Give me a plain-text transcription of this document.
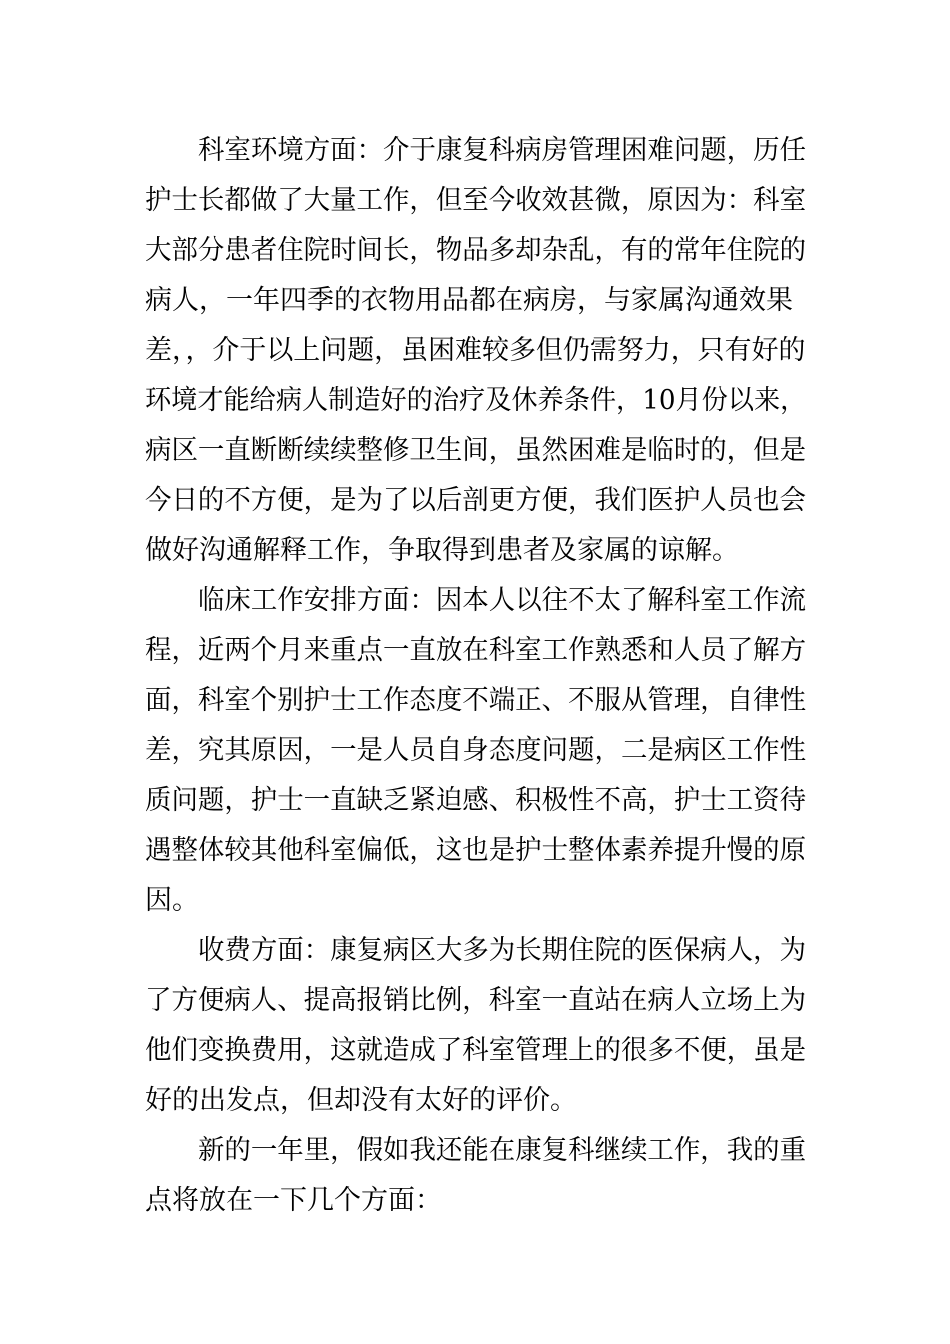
科室环境方面：介于康复科病房管理困难问题，历任
护士长都做了大量工作，但至今收效甚微，原因为：科室
大部分患者住院时间长，物品多却杂乱，有的常年住院的
病人，一年四季的衣物用品都在病房，与家属沟通效果
差，，介于以上问题，虽困难较多但仍需努力，只有好的
环境才能给病人制造好的治疗及休养条件，10月份以来，
病区一直断断续续整修卫生间，虽然困难是临时的，但是
今日的不方便，是为了以后剖更方便，我们医护人员也会
做好沟通解释工作，争取得到患者及家属的谅解。
临床工作安排方面：因本人以往不太了解科室工作流
程，近两个月来重点一直放在科室工作熟悉和人员了解方
面，科室个别护士工作态度不端正、不服从管理，自律性
差，究其原因，一是人员自身态度问题，二是病区工作性
质问题，护士一直缺乏紧迫感、积极性不高，护士工资待
遇整体较其他科室偏低，这也是护士整体素养提升慢的原
因。
收费方面：康复病区大多为长期住院的医保病人，为
了方便病人、提高报销比例，科室一直站在病人立场上为
他们变换费用，这就造成了科室管理上的很多不便，虽是
好的出发点，但却没有太好的评价。
新的一年里，假如我还能在康复科继续工作，我的重
点将放在一下几个方面：
